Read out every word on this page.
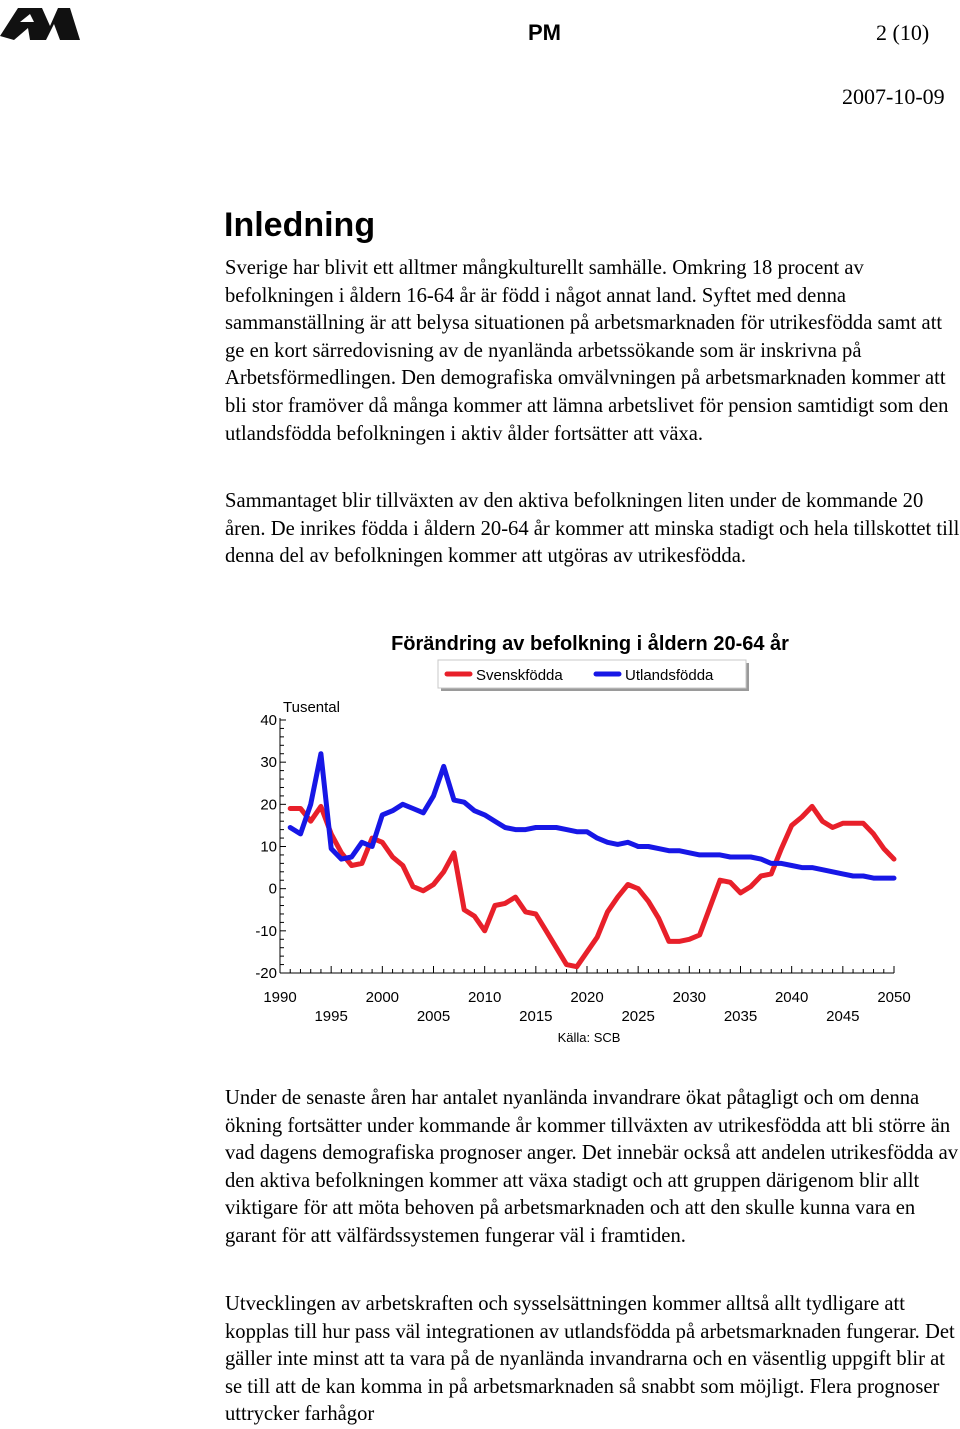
PM	2 (10)
2007-10-09
Inledning

Sverige har blivit ett alltmer mångkulturellt samhälle. Omkring 18 procent av befolkningen i åldern 16-64 år är född i något annat land. Syftet med denna sammanställning är att belysa situationen på arbetsmarknaden för utrikesfödda samt att ge en kort särredovisning av de nyanlända arbetssökande som är inskrivna på Arbetsförmedlingen. Den demografiska omvälvningen på arbetsmarknaden kommer att bli stor framöver då många kommer att lämna arbetslivet för pension samtidigt som den utlandsfödda befolkningen i aktiv ålder fortsätter att växa.

Sammantaget blir tillväxten av den aktiva befolkningen liten under de kommande 20 åren. De inrikes födda i åldern 20-64 år kommer att minska stadigt och hela tillskottet till denna del av befolkningen kommer att utgöras av utrikesfödda.

Förändring av befolkning i åldern 20-64 år
Svenskfödda	Utlandsfödda
Tusental
40
30
20
10
0
-10
-20
1990
1995
2000
2005
2010
2015
2020
2025
2030
2035
2040
2045
2050
Källa: SCB

Under de senaste åren har antalet nyanlända invandrare ökat påtagligt och om denna ökning fortsätter under kommande år kommer tillväxten av utrikesfödda att bli större än vad dagens demografiska prognoser anger. Det innebär också att andelen utrikesfödda av den aktiva befolkningen kommer att växa stadigt och att gruppen därigenom blir allt viktigare för att möta behoven på arbetsmarknaden och att den skulle kunna vara en garant för att välfärdssystemen fungerar väl i framtiden.

Utvecklingen av arbetskraften och sysselsättningen kommer alltså allt tydligare att kopplas till hur pass väl integrationen av utlandsfödda på arbetsmarknaden fungerar. Det gäller inte minst att ta vara på de nyanlända invandrarna och en väsentlig uppgift blir at se till att de kan komma in på arbetsmarknaden så snabbt som möjligt. Flera prognoser uttrycker farhågor
